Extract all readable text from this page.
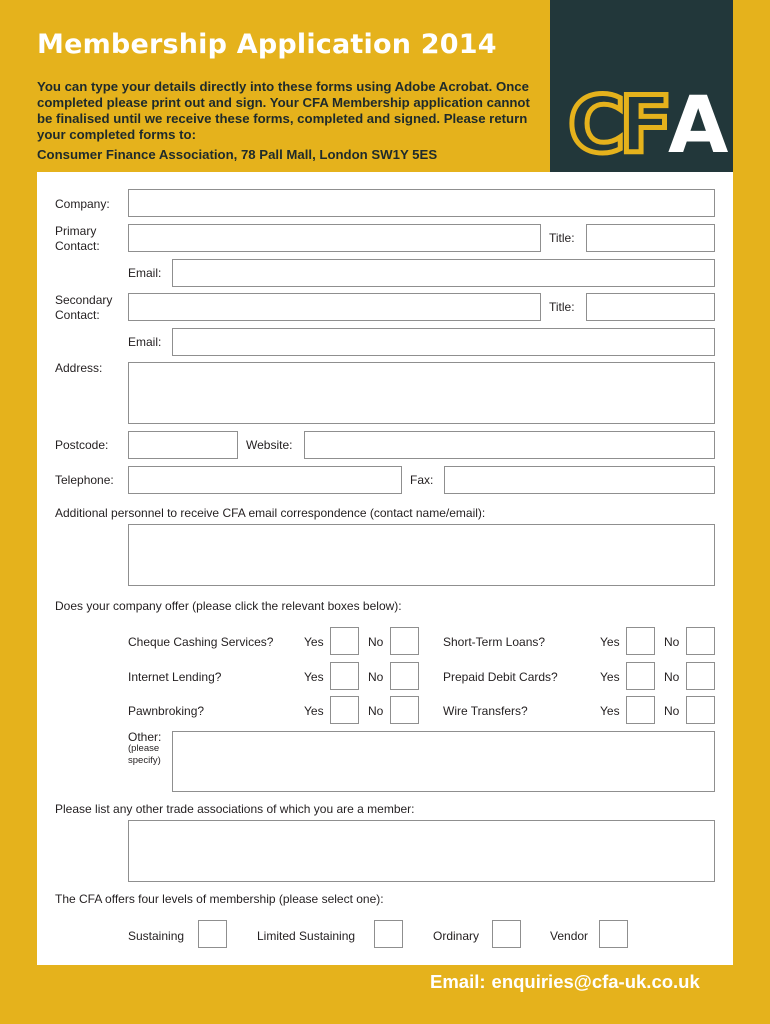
Membership Application 2014
You can type your details directly into these forms using Adobe Acrobat. Once completed please print out and sign. Your CFA Membership application cannot be finalised until we receive these forms, completed and signed. Please return your completed forms to:
Consumer Finance Association, 78 Pall Mall, London SW1Y 5ES CF A
Company:
Primary
Contact:
Title:
Email:
Secondary
Contact:
Title:
Email:
Address:
Postcode:	Website:
Telephone:	Fax:
Additional personnel to receive CFA email correspondence (contact name/email):
Does your company offer (please click the relevant boxes below):
Cheque Cashing Services?	Yes	No	Short-Term Loans?	Yes	No
Internet Lending?	Yes	No	Prepaid Debit Cards?	Yes	No
Pawnbroking?	Yes	No	Wire Transfers?	Yes	No
Other:
(please
specify)
Please list any other trade associations of which you are a member:
The CFA offers four levels of membership (please select one):
Sustaining	Limited Sustaining	Ordinary	Vendor
Email: enquiries@cfa-uk.co.uk
